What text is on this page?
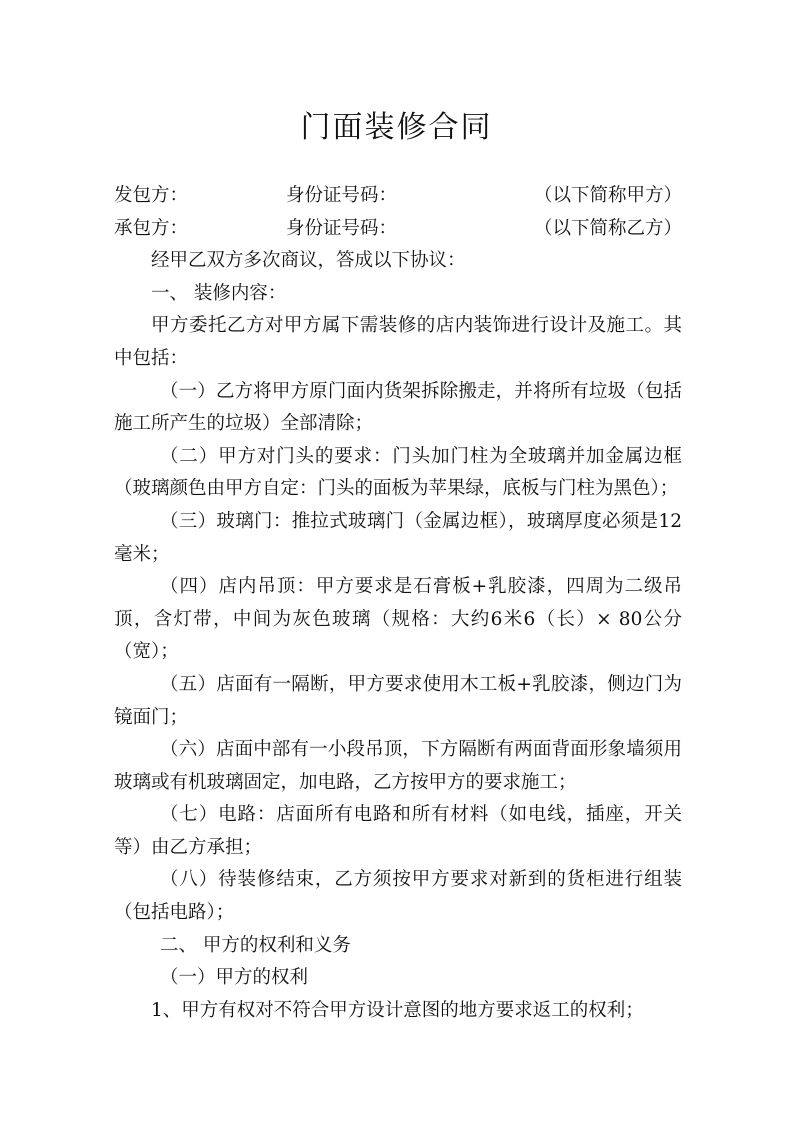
门面装修合同
发包方：	身份证号码：	（以下简称甲方）
承包方：	身份证号码：	（以下简称乙方）
经甲乙双方多次商议，答成以下协议：
一、 装修内容：
甲方委托乙方对甲方属下需装修的店内装饰进行设计及施工。其中包括：
（一）乙方将甲方原门面内货架拆除搬走，并将所有垃圾（包括施工所产生的垃圾）全部清除；
（二）甲方对门头的要求：门头加门柱为全玻璃并加金属边框（玻璃颜色由甲方自定：门头的面板为苹果绿，底板与门柱为黑色）；
（三）玻璃门：推拉式玻璃门（金属边框），玻璃厚度必须是12毫米；
（四）店内吊顶：甲方要求是石膏板+乳胶漆，四周为二级吊顶，含灯带，中间为灰色玻璃（规格：大约6米6（长）× 80公分（宽）；
（五）店面有一隔断，甲方要求使用木工板+乳胶漆，侧边门为镜面门；
（六）店面中部有一小段吊顶，下方隔断有两面背面形象墙须用玻璃或有机玻璃固定，加电路，乙方按甲方的要求施工；
（七）电路：店面所有电路和所有材料（如电线，插座，开关等）由乙方承担；
（八）待装修结束，乙方须按甲方要求对新到的货柜进行组装（包括电路）；
二、 甲方的权利和义务
（一）甲方的权利
1、甲方有权对不符合甲方设计意图的地方要求返工的权利；
